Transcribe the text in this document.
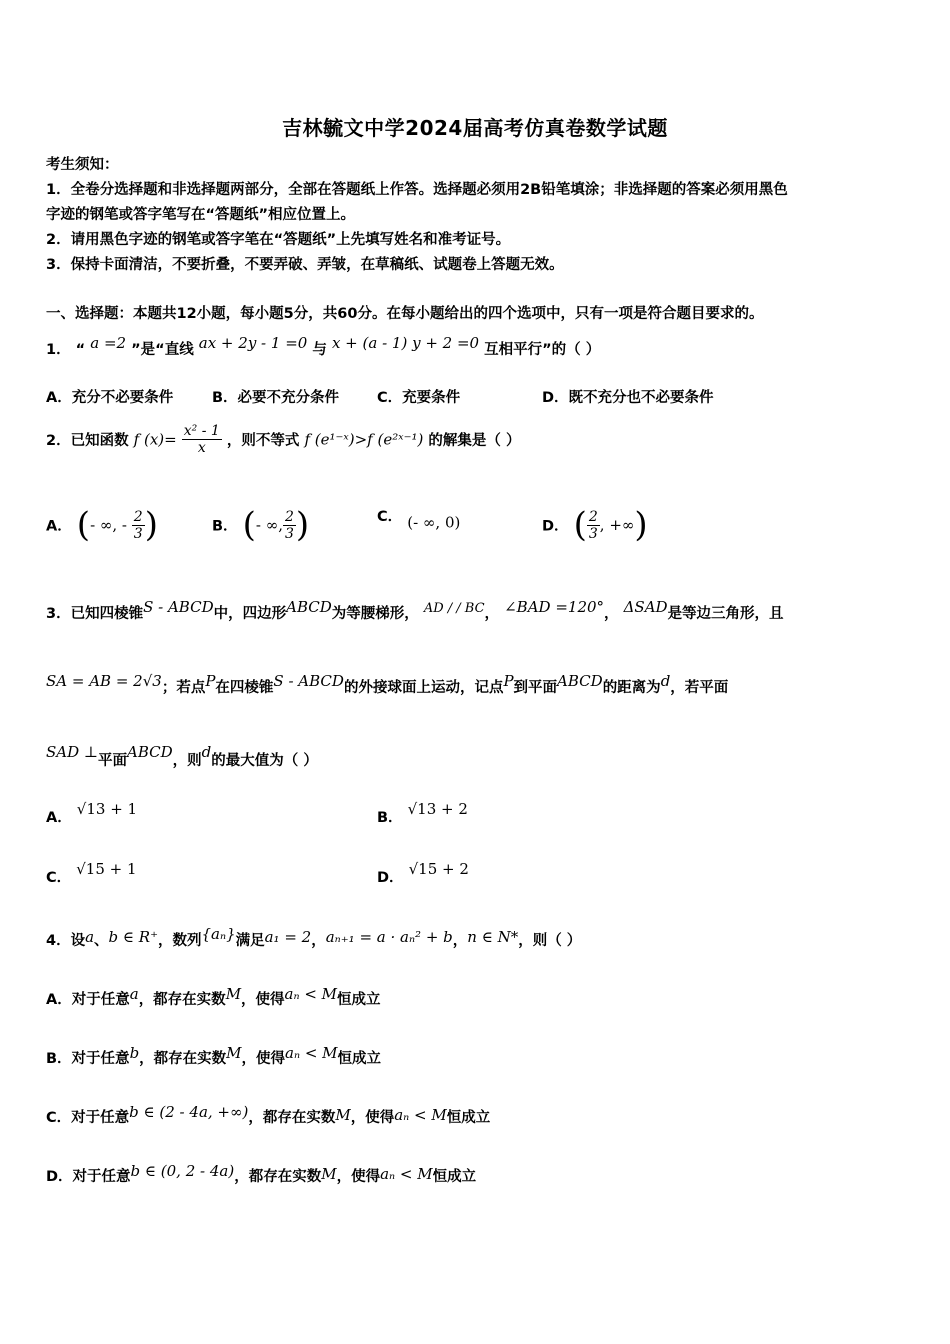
吉林毓文中学2024届高考仿真卷数学试题
考生须知：
1．全卷分选择题和非选择题两部分，全部在答题纸上作答。选择题必须用2B铅笔填涂；非选择题的答案必须用黑色
字迹的钢笔或答字笔写在“答题纸”相应位置上。
2．请用黑色字迹的钢笔或答字笔在“答题纸”上先填写姓名和准考证号。
3．保持卡面清洁，不要折叠，不要弄破、弄皱，在草稿纸、试题卷上答题无效。
一、选择题：本题共12小题，每小题5分，共60分。在每小题给出的四个选项中，只有一项是符合题目要求的。
1． “ a =2 ”是“直线 ax + 2y - 1 =0 与 x + (a - 1) y + 2 =0 互相平行”的（ ）
A．充分不必要条件	B．必要不充分条件	C．充要条件	D．既不充分也不必要条件
2．已知函数 f $(x)= \frac{\text{x² - 1}}{x}$ ，则不等式 f (e¹⁻ˣ)>f (e²ˣ⁻¹) 的解集是（ ）
A． (- ∞, - $\frac{2}{3}$ )	B． (- ∞, $\frac{2}{3}$ )	C． (- ∞, 0)	D． ( $\frac{2}{3}$ , +∞)
3．已知四棱锥S - ABCD中，四边形ABCD为等腰梯形， AD / / BC， ∠BAD =120°， ΔSAD是等边三角形，且
SA = AB = 2√3；若点P在四棱锥S - ABCD的外接球面上运动，记点P到平面ABCD的距离为d，若平面
SAD ⊥平面ABCD，则d的最大值为（ ）
A． √13 + 1	B． √13 + 2
C． √15 + 1	D． √15 + 2
4．设a、b ∈ R⁺，数列{aₙ}满足a₁ = 2，aₙ₊₁ = a · aₙ² + b，n ∈ N*，则（ ）
A．对于任意a，都存在实数M，使得aₙ < M恒成立
B．对于任意b，都存在实数M，使得aₙ < M恒成立
C．对于任意b ∈ (2 - 4a, +∞)，都存在实数M，使得aₙ < M恒成立
D．对于任意b ∈ (0, 2 - 4a)，都存在实数M，使得aₙ < M恒成立
